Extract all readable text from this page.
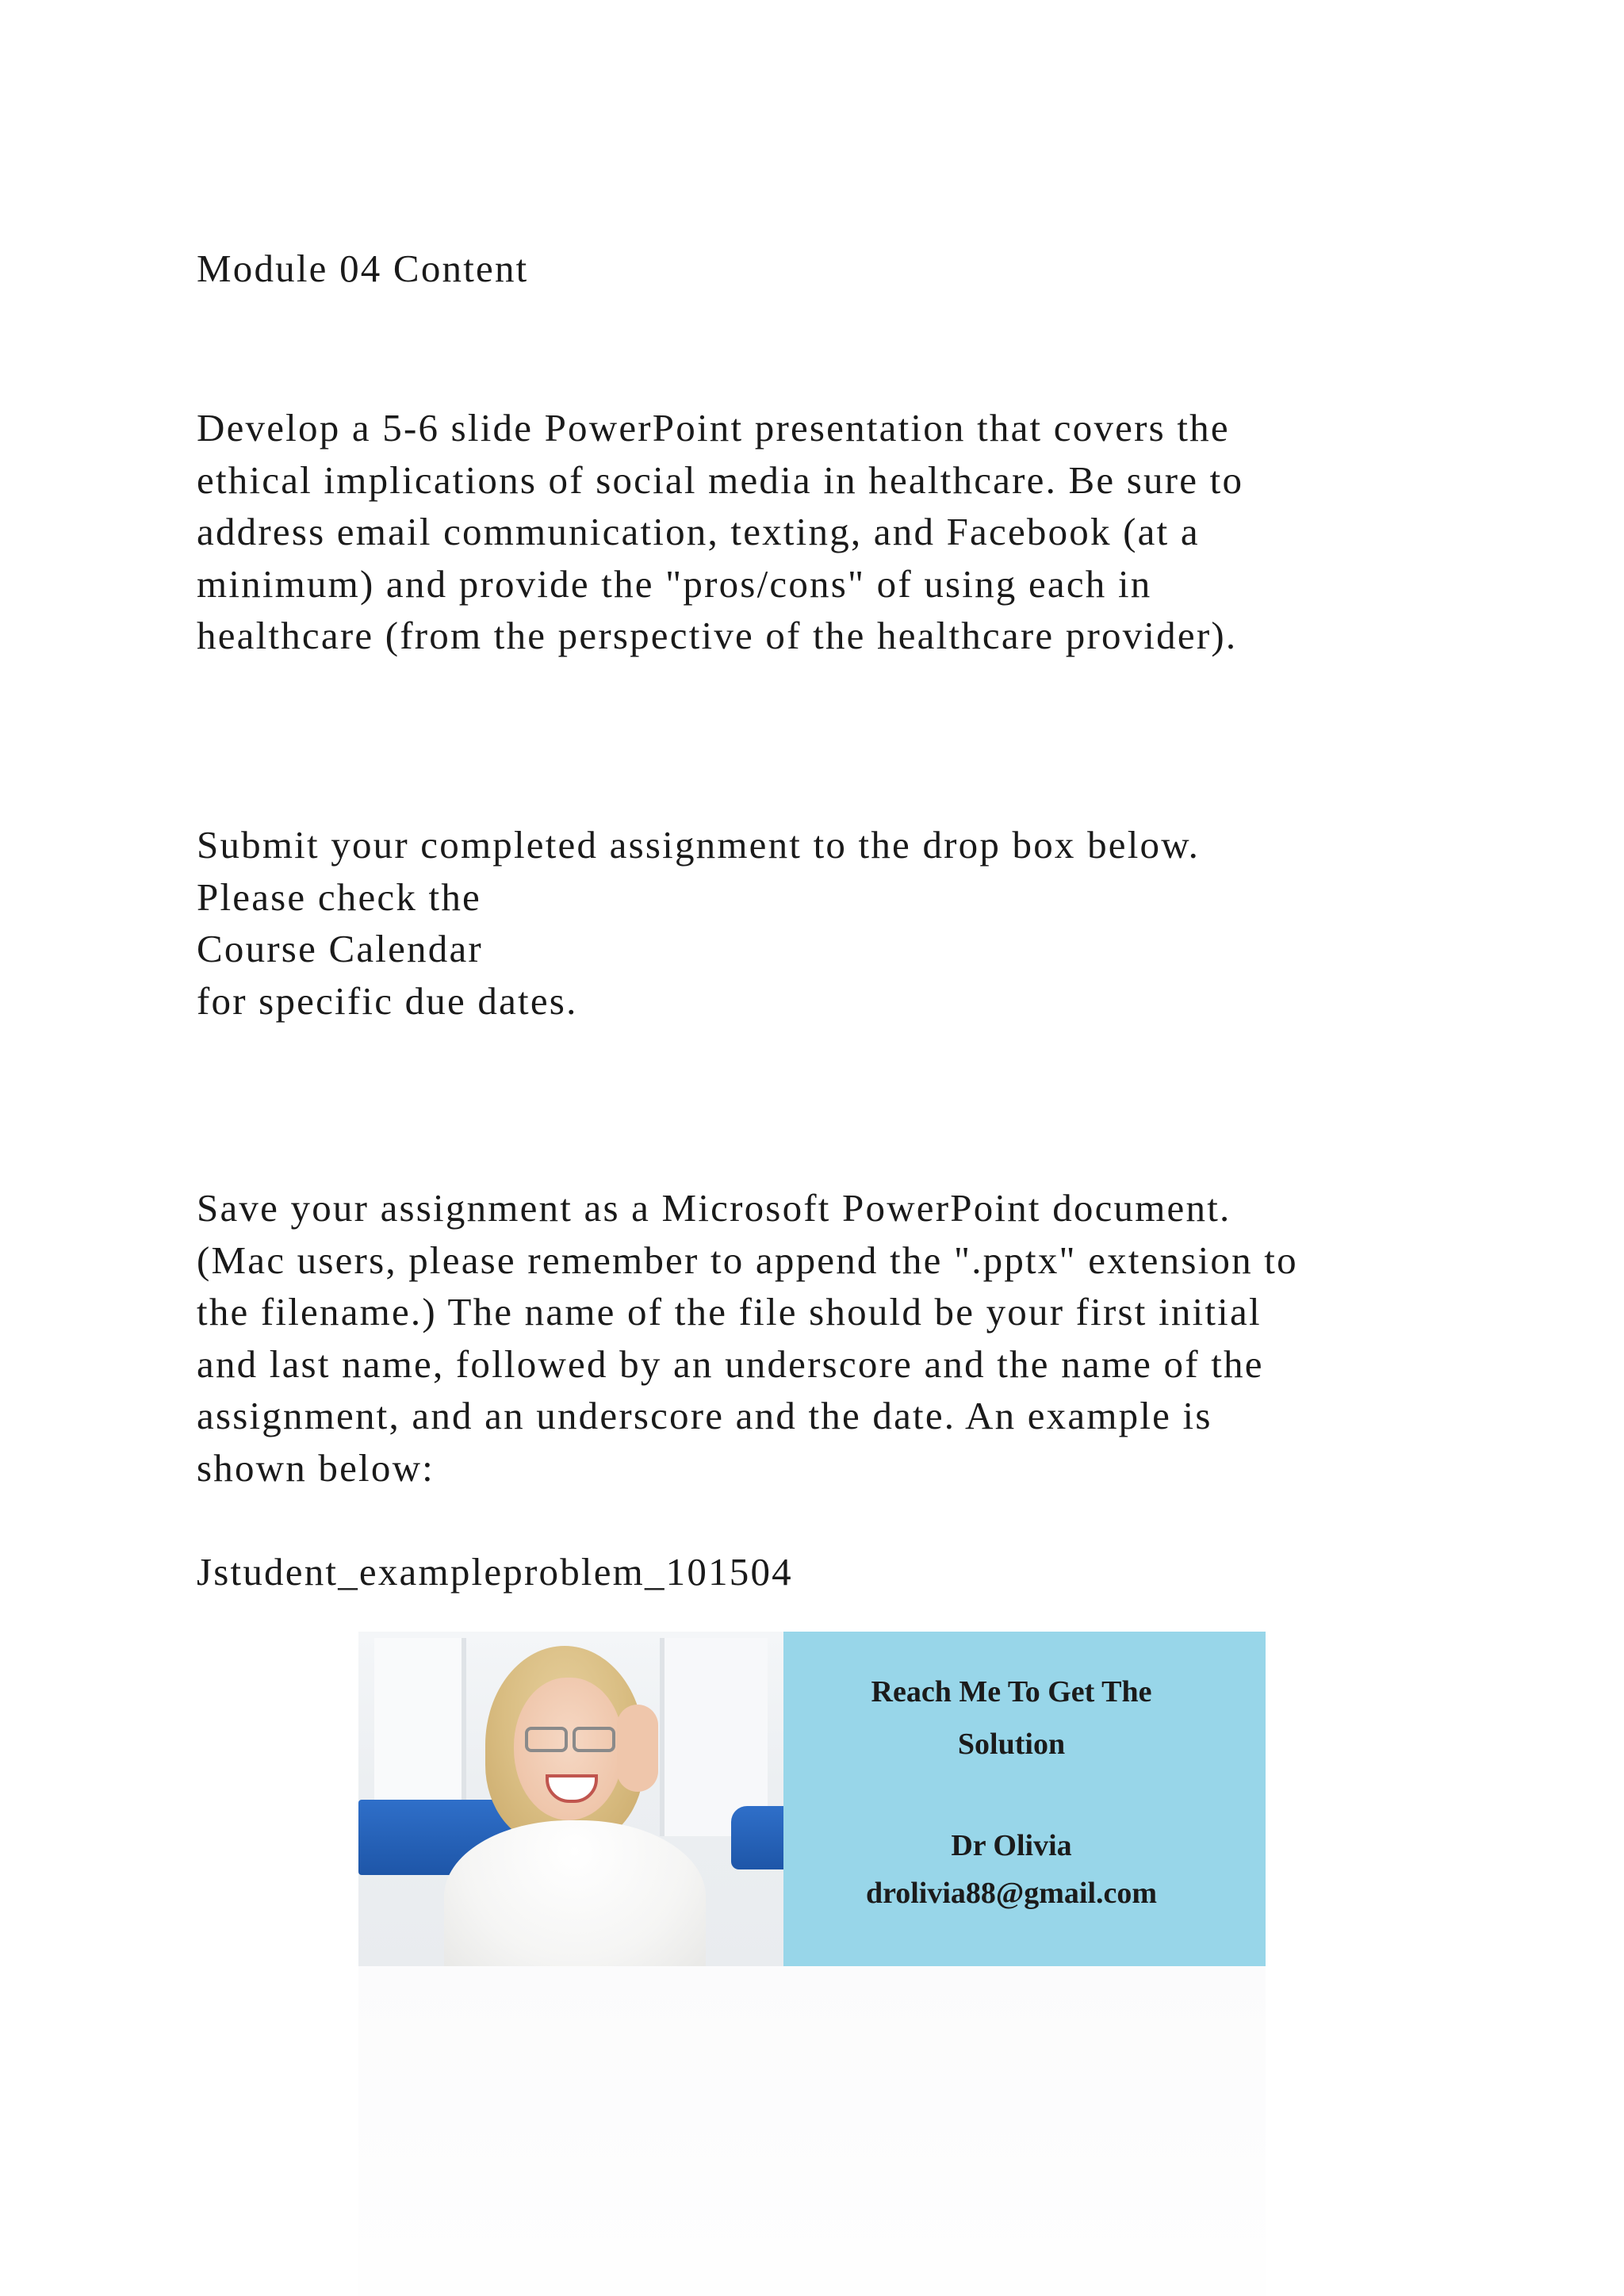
Module 04 Content

Develop a 5-6 slide PowerPoint presentation that covers the
ethical implications of social media in healthcare. Be sure to
address email communication, texting, and Facebook (at a
minimum) and provide the "pros/cons" of using each in
healthcare (from the perspective of the healthcare provider).

Submit your completed assignment to the drop box below.
Please check the
Course Calendar
for specific due dates.

Save your assignment as a Microsoft PowerPoint document.
(Mac users, please remember to append the ".pptx" extension to
the filename.) The name of the file should be your first initial
and last name, followed by an underscore and the name of the
assignment, and an underscore and the date. An example is
shown below:

Jstudent_exampleproblem_101504

Reach Me To Get The

Solution

Dr Olivia

drolivia88@gmail.com
